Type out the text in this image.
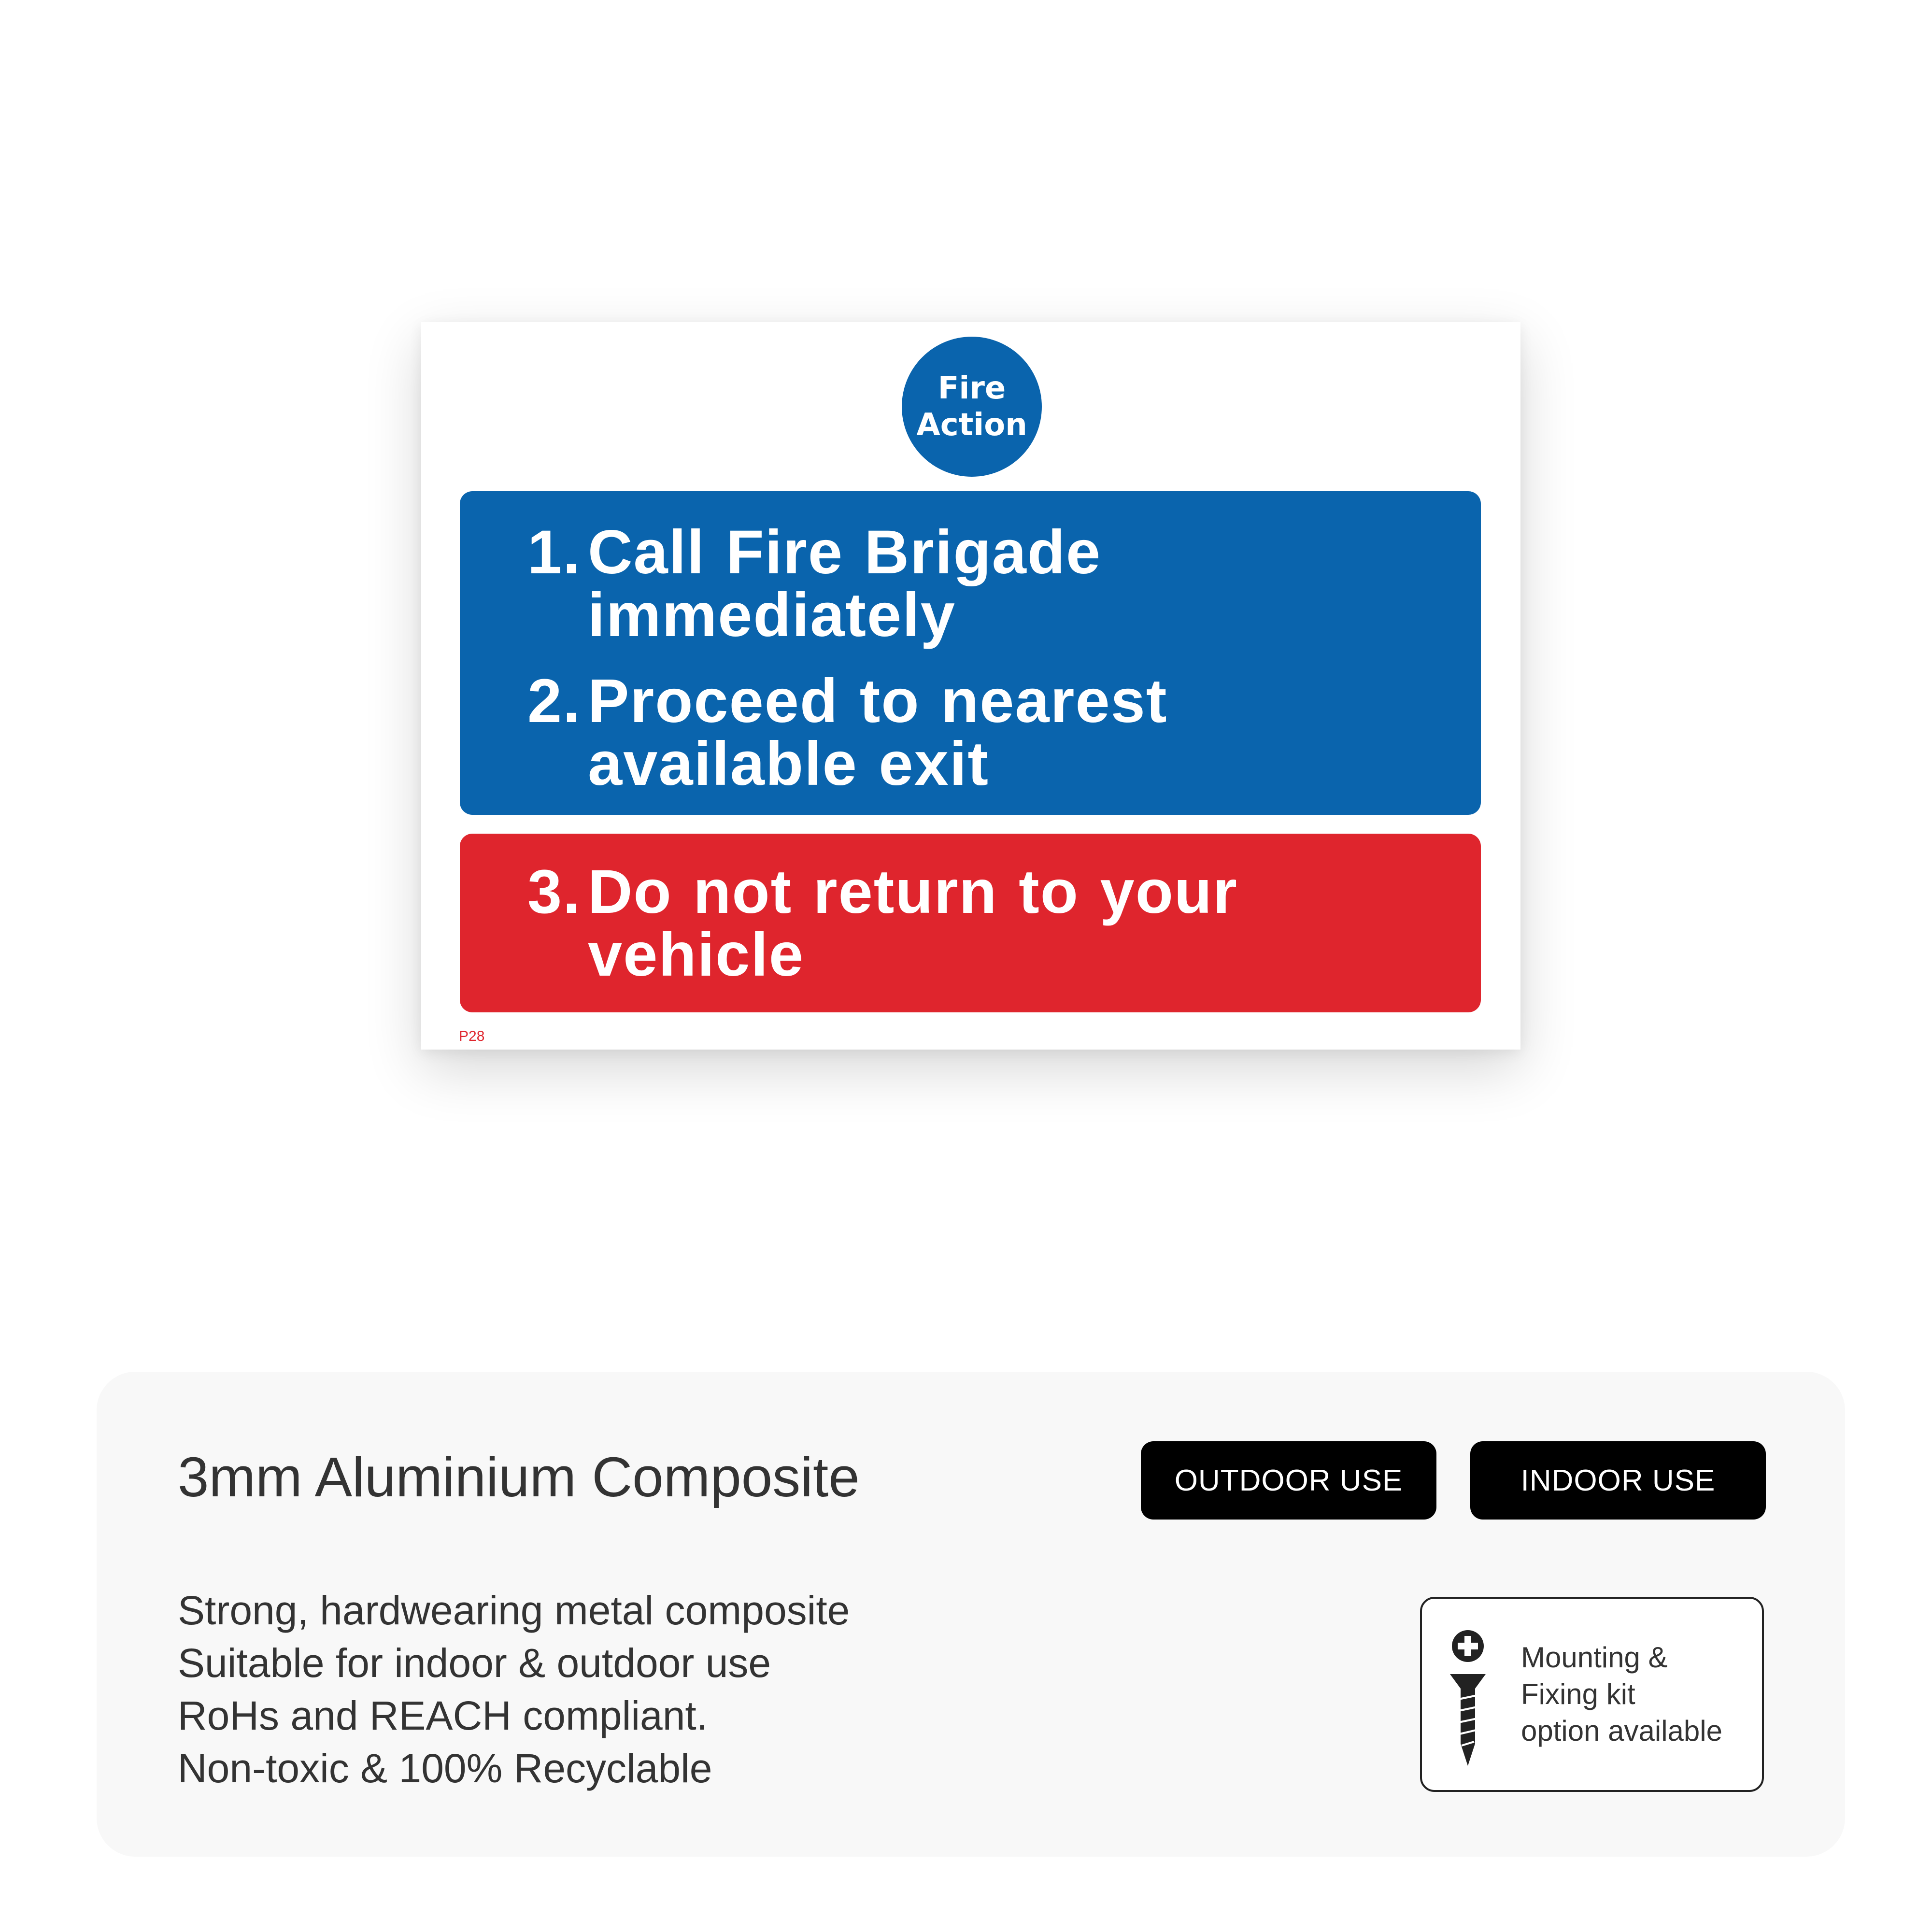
Fire
Action
1. Call Fire Brigade
immediately
2. Proceed to nearest
available exit
3. Do not return to your
vehicle
P28
3mm Aluminium Composite	OUTDOOR USE	INDOOR USE
Strong, hardwearing metal composite
Suitable for indoor & outdoor use
RoHs and REACH compliant.
Non-toxic & 100% Recyclable
Mounting &
Fixing kit
option available
